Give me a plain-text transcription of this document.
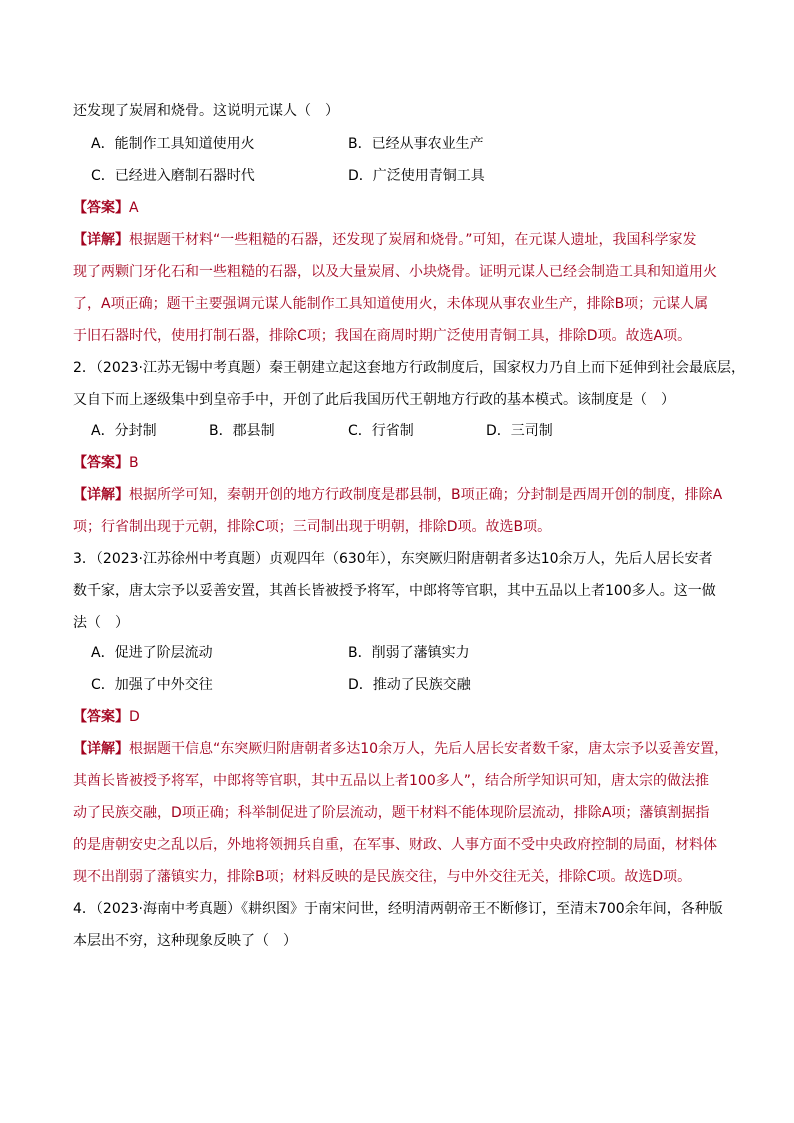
还发现了炭屑和烧骨。这说明元谋人（　）
A．能制作工具知道使用火	B．已经从事农业生产
C．已经进入磨制石器时代	D．广泛使用青铜工具
【答案】A
【详解】根据题干材料“一些粗糙的石器，还发现了炭屑和烧骨。”可知，在元谋人遗址，我国科学家发
现了两颗门牙化石和一些粗糙的石器，以及大量炭屑、小块烧骨。证明元谋人已经会制造工具和知道用火
了，A项正确；题干主要强调元谋人能制作工具知道使用火，未体现从事农业生产，排除B项；元谋人属
于旧石器时代，使用打制石器，排除C项；我国在商周时期广泛使用青铜工具，排除D项。故选A项。
2．（2023·江苏无锡中考真题）秦王朝建立起这套地方行政制度后，国家权力乃自上而下延伸到社会最底层，
又自下而上逐级集中到皇帝手中，开创了此后我国历代王朝地方行政的基本模式。该制度是（　）
A．分封制	B．郡县制	C．行省制	D．三司制
【答案】B
【详解】根据所学可知，秦朝开创的地方行政制度是郡县制，B项正确；分封制是西周开创的制度，排除A
项；行省制出现于元朝，排除C项；三司制出现于明朝，排除D项。故选B项。
3．（2023·江苏徐州中考真题）贞观四年（630年），东突厥归附唐朝者多达10余万人，先后人居长安者
数千家，唐太宗予以妥善安置，其酋长皆被授予将军，中郎将等官职，其中五品以上者100多人。这一做
法（　）
A．促进了阶层流动	B．削弱了藩镇实力
C．加强了中外交往	D．推动了民族交融
【答案】D
【详解】根据题干信息“东突厥归附唐朝者多达10余万人，先后人居长安者数千家，唐太宗予以妥善安置，
其酋长皆被授予将军，中郎将等官职，其中五品以上者100多人”，结合所学知识可知，唐太宗的做法推
动了民族交融，D项正确；科举制促进了阶层流动，题干材料不能体现阶层流动，排除A项；藩镇割据指
的是唐朝安史之乱以后，外地将领拥兵自重，在军事、财政、人事方面不受中央政府控制的局面，材料体
现不出削弱了藩镇实力，排除B项；材料反映的是民族交往，与中外交往无关，排除C项。故选D项。
4．（2023·海南中考真题）《耕织图》于南宋问世，经明清两朝帝王不断修订，至清末700余年间，各种版
本层出不穷，这种现象反映了（　）
